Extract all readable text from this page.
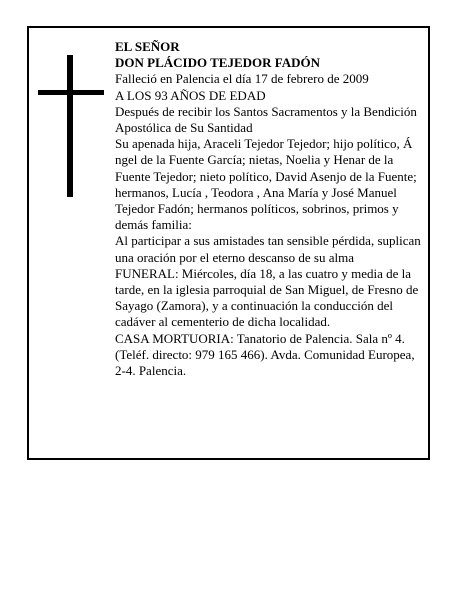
EL SEÑOR

DON PLÁCIDO TEJEDOR FADÓN

Falleció en Palencia el día 17 de febrero de 2009

A LOS 93 AÑOS DE EDAD

Después de recibir los Santos Sacramentos y la Bendición Apostólica de Su Santidad

Su apenada hija, Araceli Tejedor Tejedor; hijo político, Á ngel de la Fuente García; nietas, Noelia y Henar de la Fuente Tejedor; nieto político, David Asenjo de la Fuente; hermanos, Lucía , Teodora , Ana María y José Manuel Tejedor Fadón; hermanos políticos, sobrinos, primos y demás familia:

Al participar a sus amistades tan sensible pérdida, suplican una oración por el eterno descanso de su alma

FUNERAL: Miércoles, día 18, a las cuatro y media de la tarde, en la iglesia parroquial de San Miguel, de Fresno de Sayago (Zamora), y a continuación la conducción del cadáver al cementerio de dicha localidad.

CASA MORTUORIA: Tanatorio de Palencia. Sala nº 4. (Teléf. directo: 979 165 466). Avda. Comunidad Europea, 2-4. Palencia.
